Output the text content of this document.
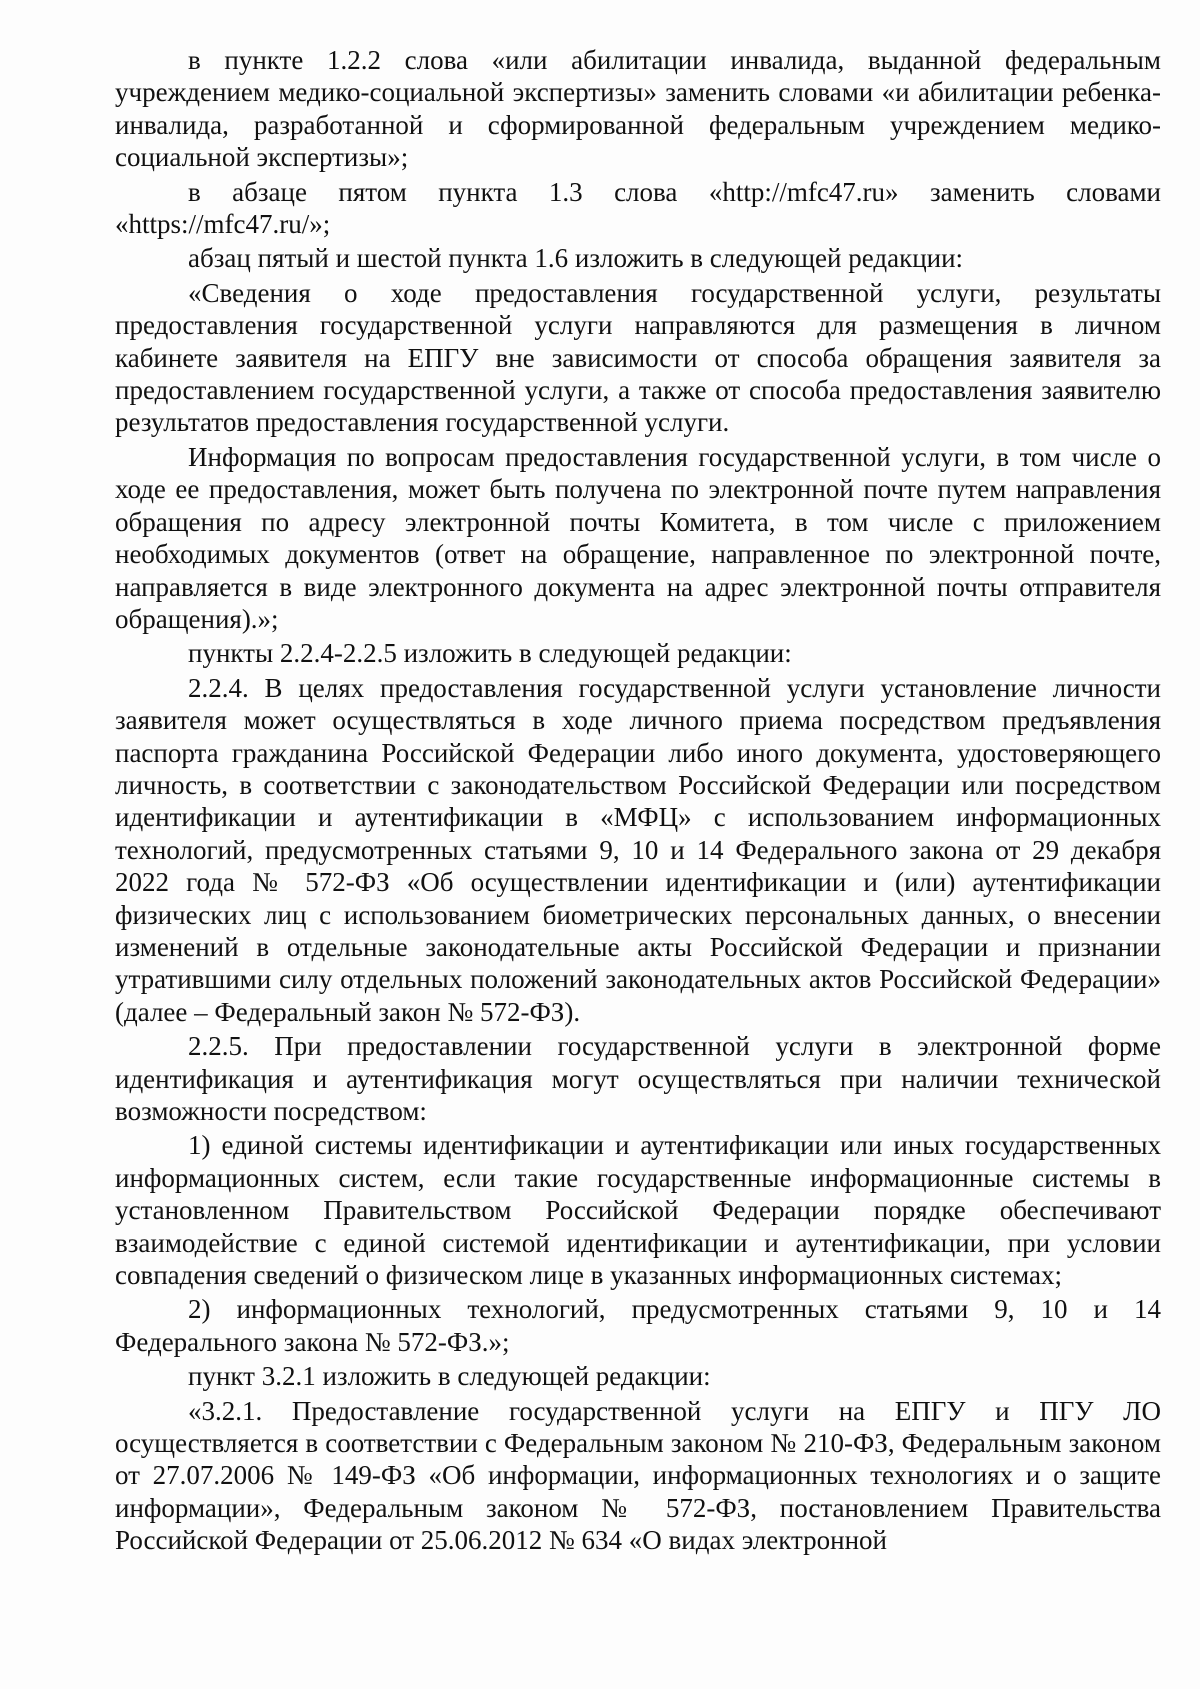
в пункте 1.2.2 слова «или абилитации инвалида, выданной федеральным учреждением медико-социальной экспертизы» заменить словами «и абилитации ребенка-инвалида, разработанной и сформированной федеральным учреждением медико-социальной экспертизы»;

в абзаце пятом пункта 1.3 слова «http://mfc47.ru» заменить словами «https://mfc47.ru/»;

абзац пятый и шестой пункта 1.6 изложить в следующей редакции:

«Сведения о ходе предоставления государственной услуги, результаты предоставления государственной услуги направляются для размещения в личном кабинете заявителя на ЕПГУ вне зависимости от способа обращения заявителя за предоставлением государственной услуги, а также от способа предоставления заявителю результатов предоставления государственной услуги.

Информация по вопросам предоставления государственной услуги, в том числе о ходе ее предоставления, может быть получена по электронной почте путем направления обращения по адресу электронной почты Комитета, в том числе с приложением необходимых документов (ответ на обращение, направленное по электронной почте, направляется в виде электронного документа на адрес электронной почты отправителя обращения).»;

пункты 2.2.4-2.2.5 изложить в следующей редакции:

2.2.4. В целях предоставления государственной услуги установление личности заявителя может осуществляться в ходе личного приема посредством предъявления паспорта гражданина Российской Федерации либо иного документа, удостоверяющего личность, в соответствии с законодательством Российской Федерации или посредством идентификации и аутентификации в «МФЦ» с использованием информационных технологий, предусмотренных статьями 9, 10 и 14 Федерального закона от 29 декабря 2022 года № 572-ФЗ «Об осуществлении идентификации и (или) аутентификации физических лиц с использованием биометрических персональных данных, о внесении изменений в отдельные законодательные акты Российской Федерации и признании утратившими силу отдельных положений законодательных актов Российской Федерации» (далее – Федеральный закон № 572-ФЗ).

2.2.5. При предоставлении государственной услуги в электронной форме идентификация и аутентификация могут осуществляться при наличии технической возможности посредством:

1) единой системы идентификации и аутентификации или иных государственных информационных систем, если такие государственные информационные системы в установленном Правительством Российской Федерации порядке обеспечивают взаимодействие с единой системой идентификации и аутентификации, при условии совпадения сведений о физическом лице в указанных информационных системах;

2) информационных технологий, предусмотренных статьями 9, 10 и 14 Федерального закона № 572-ФЗ.»;

пункт 3.2.1 изложить в следующей редакции:

«3.2.1. Предоставление государственной услуги на ЕПГУ и ПГУ ЛО осуществляется в соответствии с Федеральным законом № 210-ФЗ, Федеральным законом от 27.07.2006 № 149-ФЗ «Об информации, информационных технологиях и о защите информации», Федеральным законом № 572-ФЗ, постановлением Правительства Российской Федерации от 25.06.2012 № 634 «О видах электронной
